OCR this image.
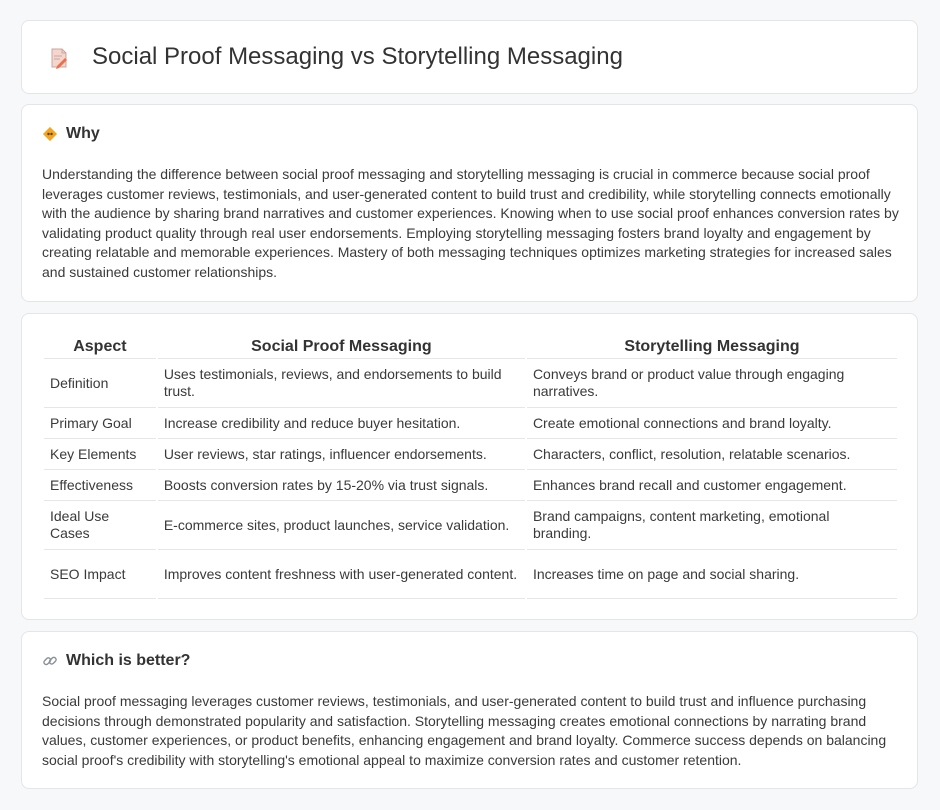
Social Proof Messaging vs Storytelling Messaging
Why

Understanding the difference between social proof messaging and storytelling messaging is crucial in commerce because social proof leverages customer reviews, testimonials, and user-generated content to build trust and credibility, while storytelling connects emotionally with the audience by sharing brand narratives and customer experiences. Knowing when to use social proof enhances conversion rates by validating product quality through real user endorsements. Employing storytelling messaging fosters brand loyalty and engagement by creating relatable and memorable experiences. Mastery of both messaging techniques optimizes marketing strategies for increased sales and sustained customer relationships.

Aspect	Social Proof Messaging	Storytelling Messaging
Definition	Uses testimonials, reviews, and endorsements to build trust.	Conveys brand or product value through engaging narratives.
Primary Goal	Increase credibility and reduce buyer hesitation.	Create emotional connections and brand loyalty.
Key Elements	User reviews, star ratings, influencer endorsements.	Characters, conflict, resolution, relatable scenarios.
Effectiveness	Boosts conversion rates by 15-20% via trust signals.	Enhances brand recall and customer engagement.
Ideal Use Cases	E-commerce sites, product launches, service validation.	Brand campaigns, content marketing, emotional branding.
SEO Impact	Improves content freshness with user-generated content.	Increases time on page and social sharing.
Which is better?

Social proof messaging leverages customer reviews, testimonials, and user-generated content to build trust and influence purchasing decisions through demonstrated popularity and satisfaction. Storytelling messaging creates emotional connections by narrating brand values, customer experiences, or product benefits, enhancing engagement and brand loyalty. Commerce success depends on balancing social proof's credibility with storytelling's emotional appeal to maximize conversion rates and customer retention.
